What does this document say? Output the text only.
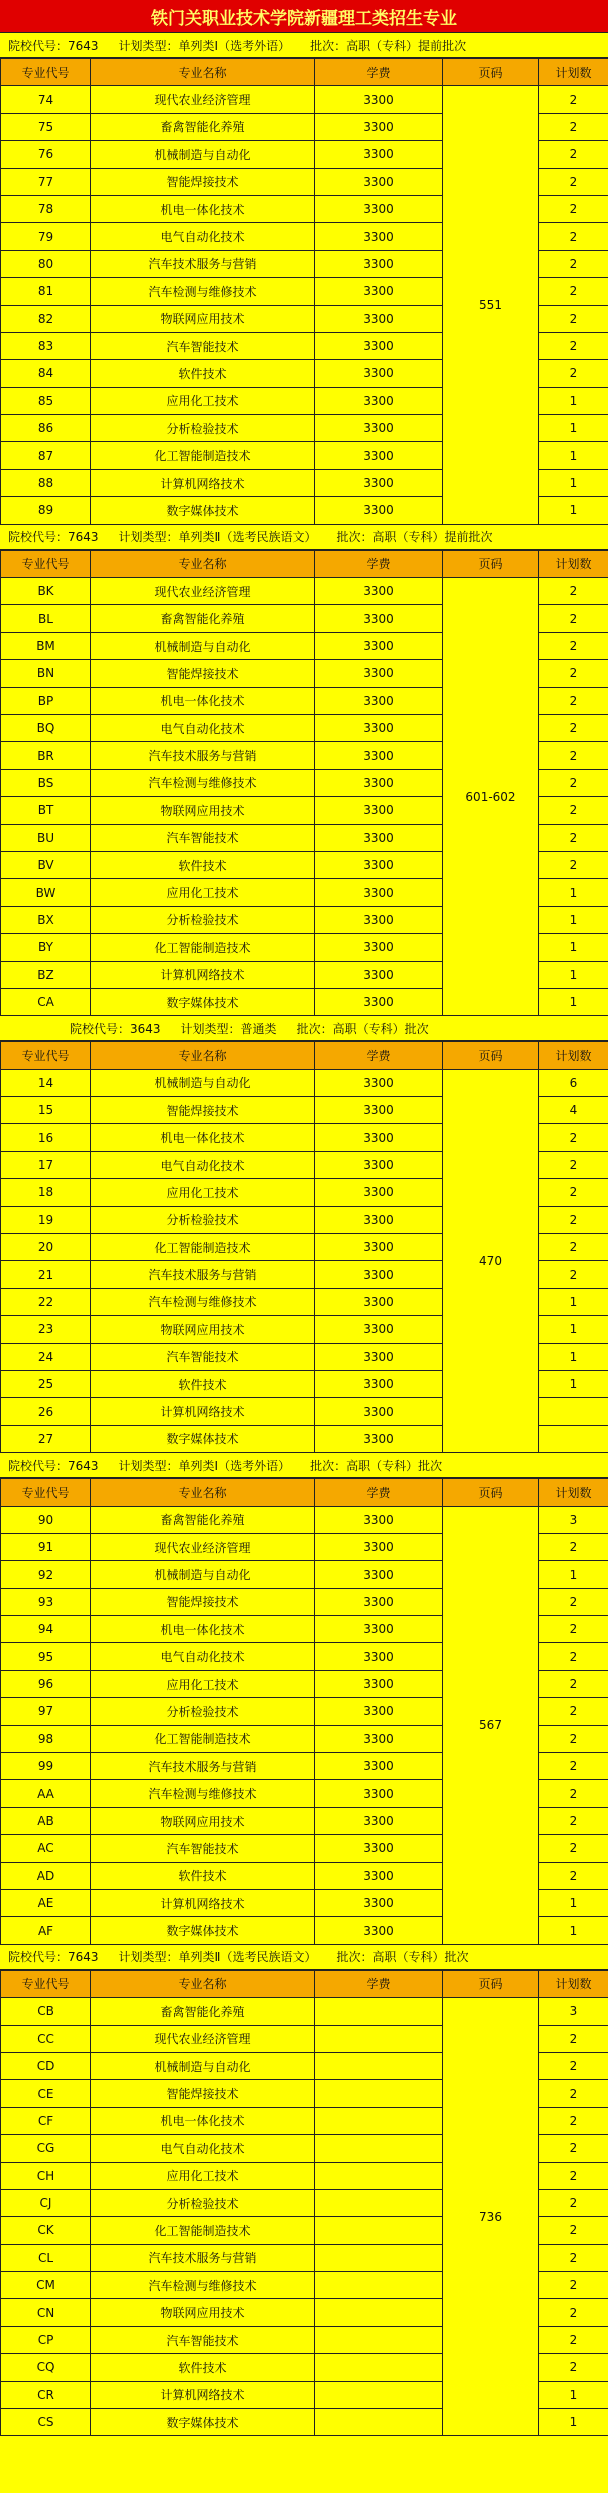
铁门关职业技术学院新疆理工类招生专业
院校代号：7643 计划类型：单列类Ⅰ（选考外语） 批次：高职（专科）提前批次
专业代号	专业名称	学费	页码	计划数
74	现代农业经济管理	3300	551	2
75	畜禽智能化养殖	3300		2
76	机械制造与自动化	3300		2
77	智能焊接技术	3300		2
78	机电一体化技术	3300		2
79	电气自动化技术	3300		2
80	汽车技术服务与营销	3300		2
81	汽车检测与维修技术	3300		2
82	物联网应用技术	3300		2
83	汽车智能技术	3300		2
84	软件技术	3300		2
85	应用化工技术	3300		1
86	分析检验技术	3300		1
87	化工智能制造技术	3300		1
88	计算机网络技术	3300		1
89	数字媒体技术	3300		1
院校代号：7643 计划类型：单列类Ⅱ（选考民族语文） 批次：高职（专科）提前批次
专业代号	专业名称	学费	页码	计划数
BK	现代农业经济管理	3300	601-602	2
BL	畜禽智能化养殖	3300		2
BM	机械制造与自动化	3300		2
BN	智能焊接技术	3300		2
BP	机电一体化技术	3300		2
BQ	电气自动化技术	3300		2
BR	汽车技术服务与营销	3300		2
BS	汽车检测与维修技术	3300		2
BT	物联网应用技术	3300		2
BU	汽车智能技术	3300		2
BV	软件技术	3300		2
BW	应用化工技术	3300		1
BX	分析检验技术	3300		1
BY	化工智能制造技术	3300		1
BZ	计算机网络技术	3300		1
CA	数字媒体技术	3300		1
院校代号：3643 计划类型：普通类 批次：高职（专科）批次
专业代号	专业名称	学费	页码	计划数
14	机械制造与自动化	3300	470	6
15	智能焊接技术	3300		4
16	机电一体化技术	3300		2
17	电气自动化技术	3300		2
18	应用化工技术	3300		2
19	分析检验技术	3300		2
20	化工智能制造技术	3300		2
21	汽车技术服务与营销	3300		2
22	汽车检测与维修技术	3300		1
23	物联网应用技术	3300		1
24	汽车智能技术	3300		1
25	软件技术	3300		1
26	计算机网络技术	3300		
27	数字媒体技术	3300		
院校代号：7643 计划类型：单列类Ⅰ（选考外语） 批次：高职（专科）批次
专业代号	专业名称	学费	页码	计划数
90	畜禽智能化养殖	3300	567	3
91	现代农业经济管理	3300		2
92	机械制造与自动化	3300		1
93	智能焊接技术	3300		2
94	机电一体化技术	3300		2
95	电气自动化技术	3300		2
96	应用化工技术	3300		2
97	分析检验技术	3300		2
98	化工智能制造技术	3300		2
99	汽车技术服务与营销	3300		2
AA	汽车检测与维修技术	3300		2
AB	物联网应用技术	3300		2
AC	汽车智能技术	3300		2
AD	软件技术	3300		2
AE	计算机网络技术	3300		1
AF	数字媒体技术	3300		1
院校代号：7643 计划类型：单列类Ⅱ（选考民族语文） 批次：高职（专科）批次
专业代号	专业名称	学费	页码	计划数
CB	畜禽智能化养殖		736	3
CC	现代农业经济管理			2
CD	机械制造与自动化			2
CE	智能焊接技术			2
CF	机电一体化技术			2
CG	电气自动化技术			2
CH	应用化工技术			2
CJ	分析检验技术			2
CK	化工智能制造技术			2
CL	汽车技术服务与营销			2
CM	汽车检测与维修技术			2
CN	物联网应用技术			2
CP	汽车智能技术			2
CQ	软件技术			2
CR	计算机网络技术			1
CS	数字媒体技术			1
